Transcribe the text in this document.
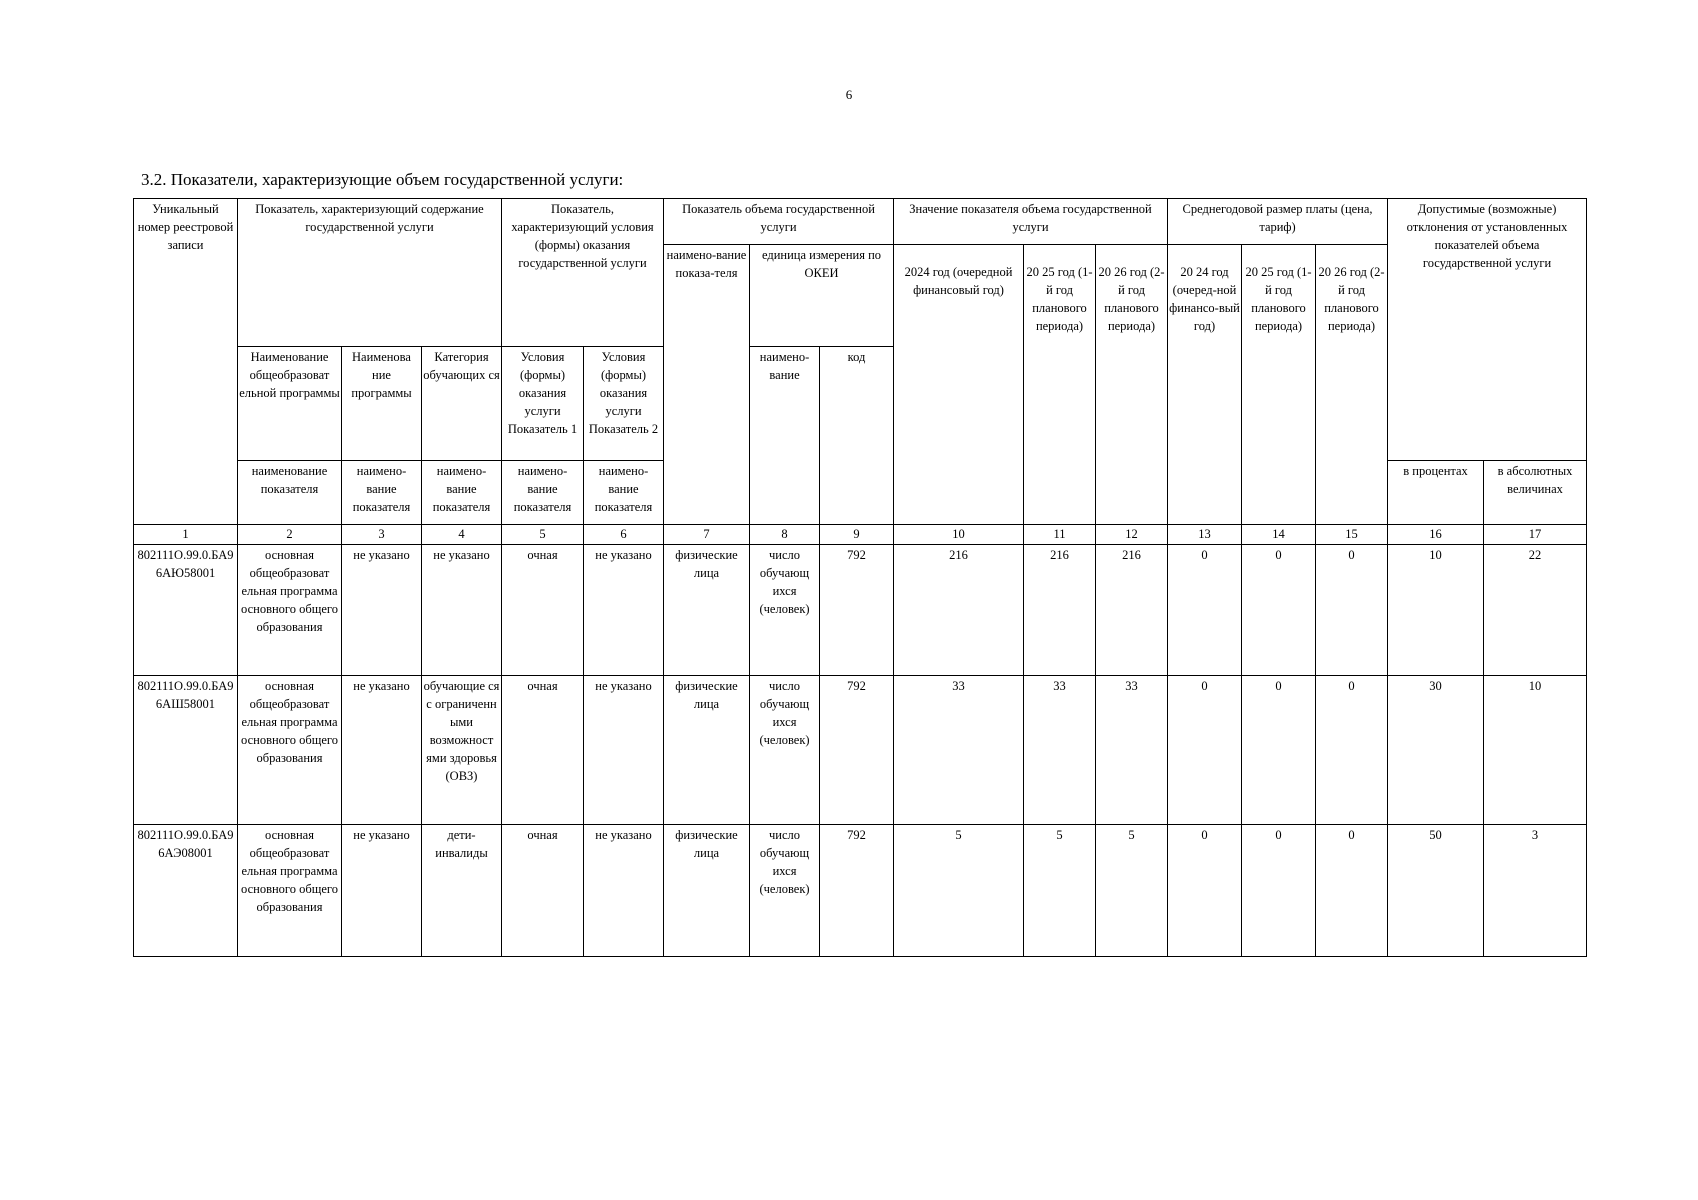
6
3.2. Показатели, характеризующие объем государственной услуги:
Уникальный номер реестровой записи	Показатель, характеризующий содержание государственной услуги			Показатель, характеризующий условия (формы) оказания государственной услуги		Показатель объема государственной услуги			Значение показателя объема государственной услуги			Среднегодовой размер платы (цена, тариф)			Допустимые (возможные) отклонения от установленных показателей объема государственной услуги	
						наимено-вание показа-теля	единица измерения по ОКЕИ		2024 год (очередной финансовый год)	20 25 год (1-й год планового периода)	20 26 год (2-й год планового периода)	20 24 год (очеред-ной финансо-вый год)	20 25 год (1-й год планового периода)	20 26 год (2-й год планового периода)		
	Наименование общеобразоват ельной программы	Наименова ние программы	Категория обучающих ся	Условия (формы) оказания услуги Показатель 1	Условия (формы) оказания услуги Показатель 2		наимено-вание	код								
	наименование показателя	наимено-вание показателя	наимено-вание показателя	наимено-вание показателя	наимено-вание показателя										в процентах	в абсолютных величинах
1	2	3	4	5	6	7	8	9	10	11	12	13	14	15	16	17
802111О.99.0.БА96АЮ58001	основная общеобразоват ельная программа основного общего образования	не указано	не указано	очная	не указано	физические лица	число обучающ ихся (человек)	792	216	216	216	0	0	0	10	22
802111О.99.0.БА96АШ58001	основная общеобразоват ельная программа основного общего образования	не указано	обучающие ся с ограниченн ыми возможност ями здоровья (ОВЗ)	очная	не указано	физические лица	число обучающ ихся (человек)	792	33	33	33	0	0	0	30	10
802111О.99.0.БА96АЭ08001	основная общеобразоват ельная программа основного общего образования	не указано	дети-инвалиды	очная	не указано	физические лица	число обучающ ихся (человек)	792	5	5	5	0	0	0	50	3
